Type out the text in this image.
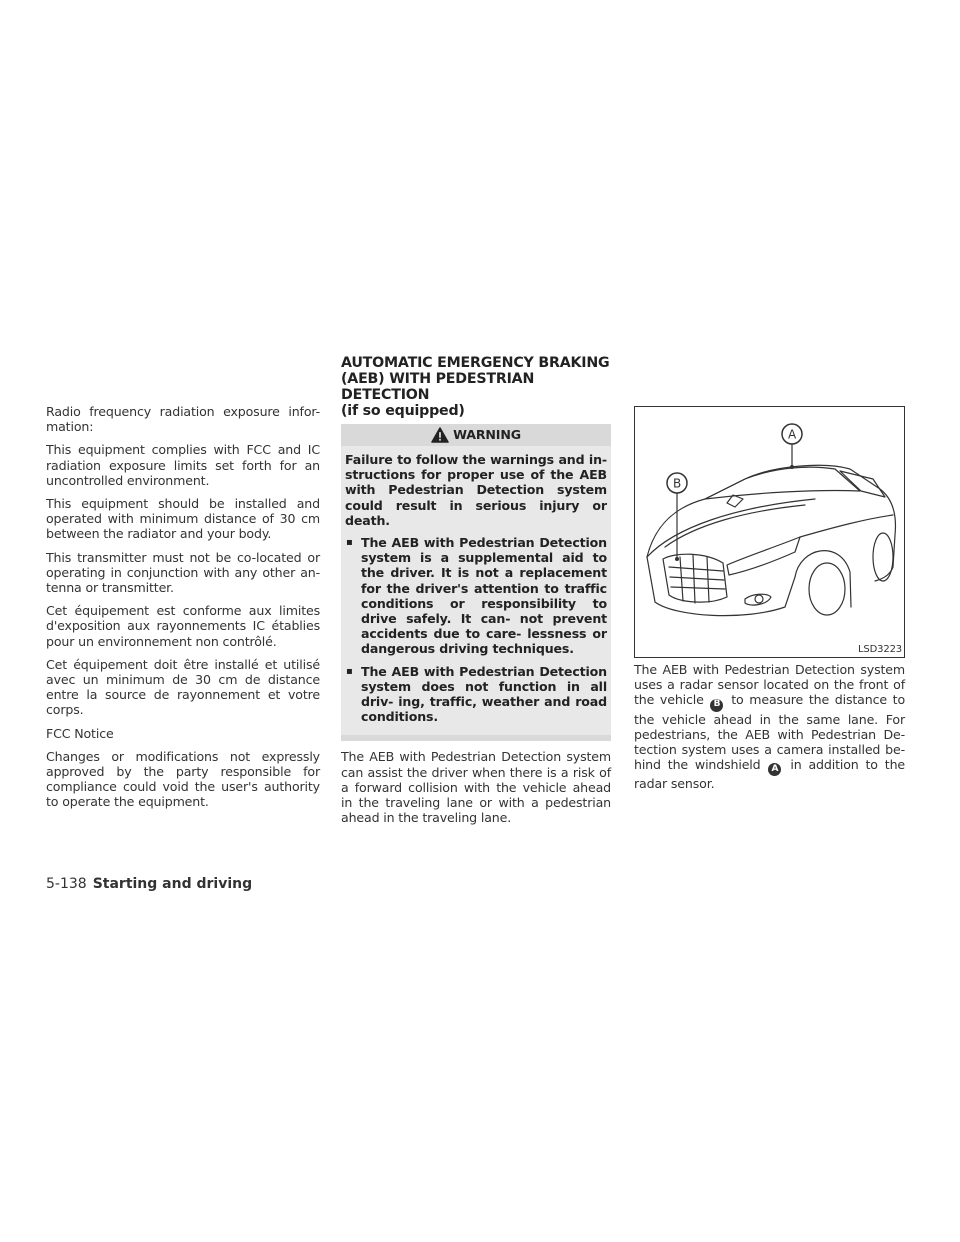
Radio frequency radiation exposure infor- mation:

This equipment complies with FCC and IC radiation exposure limits set forth for an uncontrolled environment.

This equipment should be installed and operated with minimum distance of 30 cm between the radiator and your body.

This transmitter must not be co-located or operating in conjunction with any other an- tenna or transmitter.

Cet équipement est conforme aux limites d'exposition aux rayonnements IC établies pour un environnement non contrôlé.

Cet équipement doit être installé et utilisé avec un minimum de 30 cm de distance entre la source de rayonnement et votre corps.

FCC Notice

Changes or modifications not expressly approved by the party responsible for compliance could void the user's authority to operate the equipment.

AUTOMATIC EMERGENCY BRAKING
(AEB) WITH PEDESTRIAN DETECTION
(if so equipped)
WARNING

Failure to follow the warnings and in- structions for proper use of the AEB with Pedestrian Detection system could result in serious injury or death.

▪ The AEB with Pedestrian Detection system is a supplemental aid to the driver. It is not a replacement for the driver's attention to traffic conditions or responsibility to drive safely. It can- not prevent accidents due to care- lessness or dangerous driving techniques.
▪ The AEB with Pedestrian Detection system does not function in all driv- ing, traffic, weather and road conditions.

The AEB with Pedestrian Detection system can assist the driver when there is a risk of a forward collision with the vehicle ahead in the traveling lane or with a pedestrian ahead in the traveling lane.

A
B
LSD3223

The AEB with Pedestrian Detection system uses a radar sensor located on the front of the vehicle B to measure the distance to the vehicle ahead in the same lane. For pedestrians, the AEB with Pedestrian De- tection system uses a camera installed be- hind the windshield A in addition to the radar sensor.

5-138 Starting and driving
